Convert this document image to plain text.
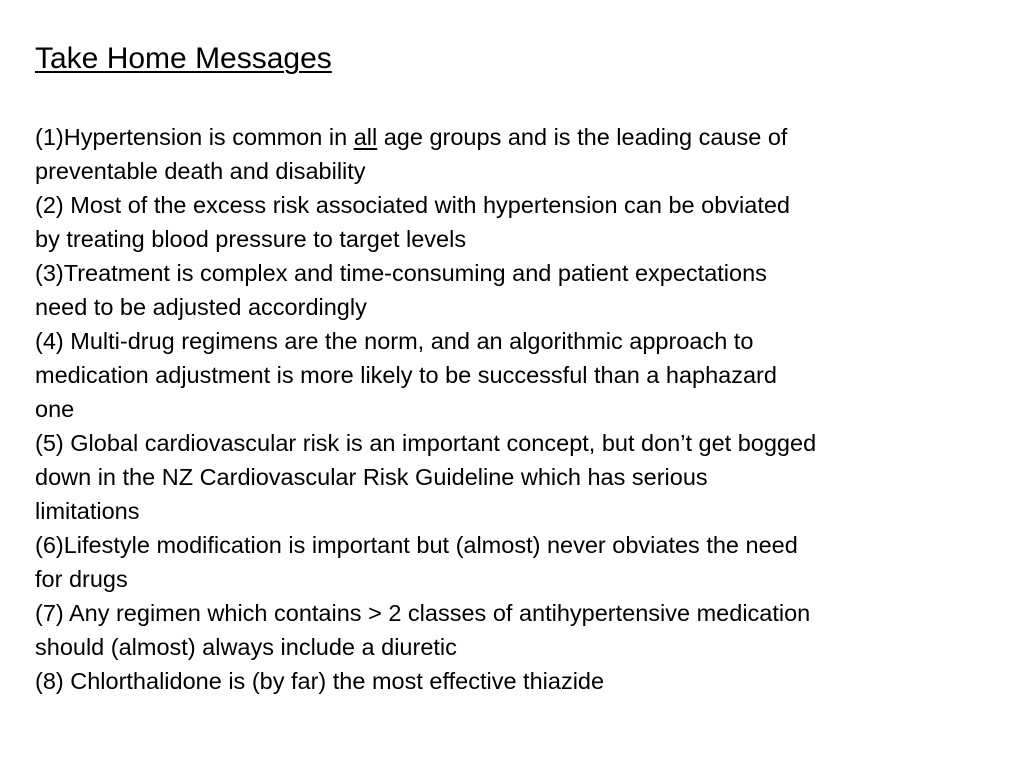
Take Home Messages
(1)Hypertension is common in all age groups and is the leading cause of
preventable death and disability
(2) Most of the excess risk associated with hypertension can be obviated
by treating blood pressure to target levels
(3)Treatment is complex and time-consuming and patient expectations
need to be adjusted accordingly
(4) Multi-drug regimens are the norm, and an algorithmic approach to
medication adjustment is more likely to be successful than a haphazard
one
(5) Global cardiovascular risk is an important concept, but don’t get bogged
down in the NZ Cardiovascular Risk Guideline which has serious
limitations
(6)Lifestyle modification is important but (almost) never obviates the need
for drugs
(7) Any regimen which contains > 2 classes of antihypertensive medication
should (almost) always include a diuretic
(8) Chlorthalidone is (by far) the most effective thiazide
